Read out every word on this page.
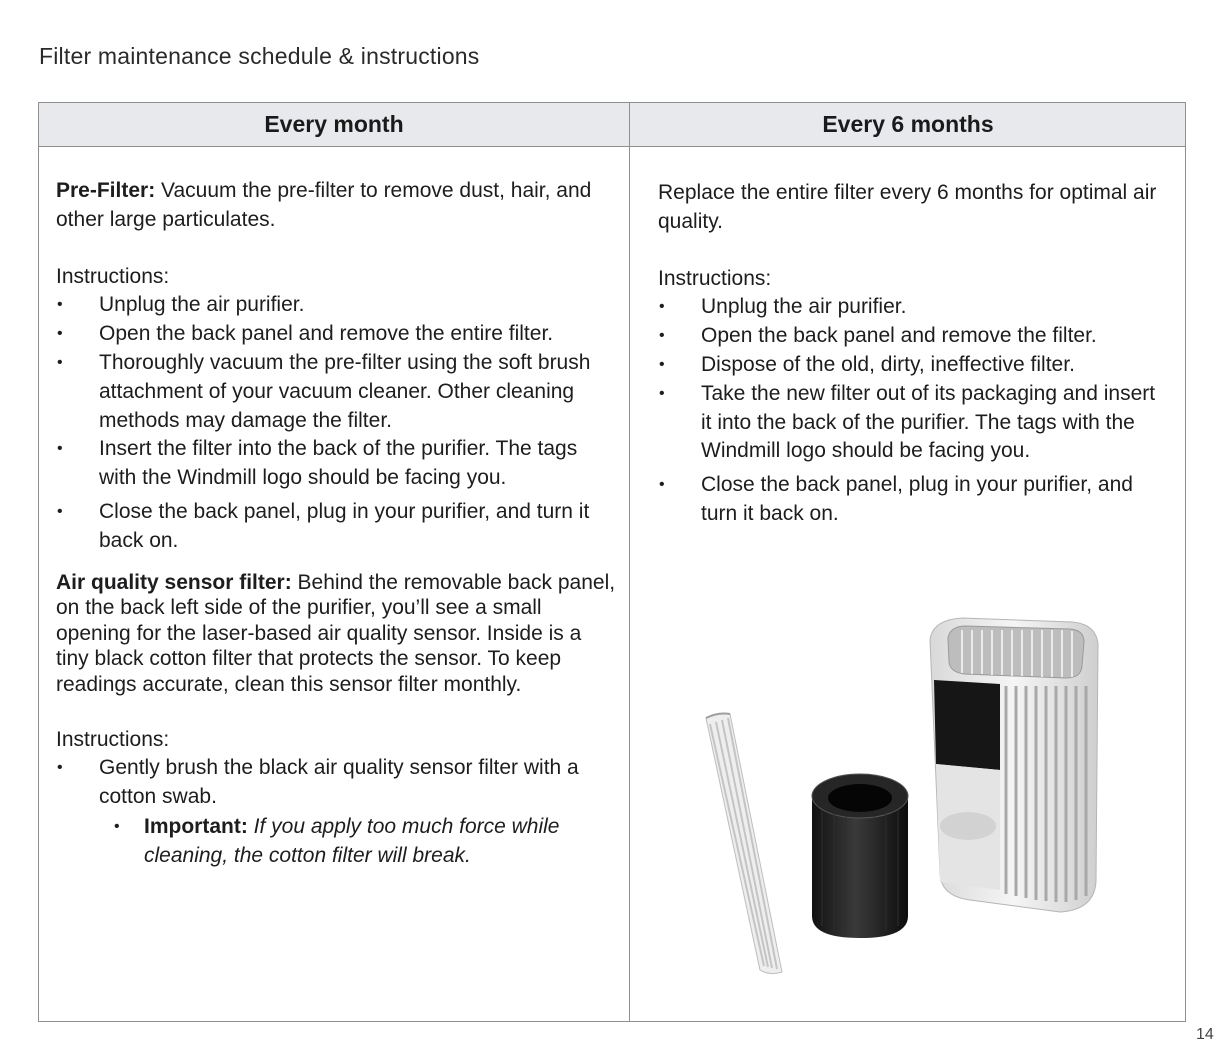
Filter maintenance schedule & instructions
Every month	Every 6 months

Pre-Filter: Vacuum the pre-filter to remove dust, hair, and other large particulates.

Instructions:

• Unplug the air purifier.
• Open the back panel and remove the entire filter.
• Thoroughly vacuum the pre-filter using the soft brush attachment of your vacuum cleaner. Other cleaning methods may damage the filter.
• Insert the filter into the back of the purifier. The tags with the Windmill logo should be facing you.
• Close the back panel, plug in your purifier, and turn it back on.

Air quality sensor filter: Behind the removable back panel, on the back left side of the purifier, you’ll see a small opening for the laser-based air quality sensor. Inside is a tiny black cotton filter that protects the sensor. To keep readings accurate, clean this sensor filter monthly.

Instructions:

• Gently brush the black air quality sensor filter with a cotton swab.
• Important: If you apply too much force while cleaning, the cotton filter will break.

Replace the entire filter every 6 months for optimal air quality.

Instructions:

• Unplug the air purifier.
• Open the back panel and remove the filter.
• Dispose of the old, dirty, ineffective filter.
• Take the new filter out of its packaging and insert it into the back of the purifier. The tags with the Windmill logo should be facing you.
• Close the back panel, plug in your purifier, and turn it back on.
14
